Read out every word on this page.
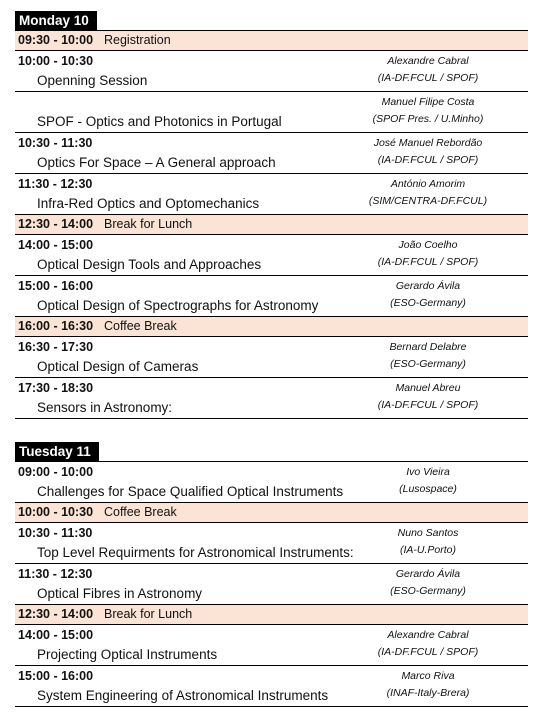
Monday 10
09:30 - 10:00 Registration
10:00 - 10:30
Openning Session
Alexandre Cabral
(IA-DF.FCUL / SPOF)
SPOF - Optics and Photonics in Portugal
Manuel Filipe Costa
(SPOF Pres. / U.Minho)
10:30 - 11:30
Optics For Space – A General approach
José Manuel Rebordão
(IA-DF.FCUL / SPOF)
11:30 - 12:30
Infra-Red Optics and Optomechanics
António Amorim
(SIM/CENTRA-DF.FCUL)
12:30 - 14:00 Break for Lunch
14:00 - 15:00
Optical Design Tools and Approaches
João Coelho
(IA-DF.FCUL / SPOF)
15:00 - 16:00
Optical Design of Spectrographs for Astronomy
Gerardo Ávila
(ESO-Germany)
16:00 - 16:30 Coffee Break
16:30 - 17:30
Optical Design of Cameras
Bernard Delabre
(ESO-Germany)
17:30 - 18:30
Sensors in Astronomy:
Manuel Abreu
(IA-DF.FCUL / SPOF)
Tuesday 11
09:00 - 10:00
Challenges for Space Qualified Optical Instruments
Ivo Vieira
(Lusospace)
10:00 - 10:30 Coffee Break
10:30 - 11:30
Top Level Requirments for Astronomical Instruments:
Nuno Santos
(IA-U.Porto)
11:30 - 12:30
Optical Fibres in Astronomy
Gerardo Ávila
(ESO-Germany)
12:30 - 14:00 Break for Lunch
14:00 - 15:00
Projecting Optical Instruments
Alexandre Cabral
(IA-DF.FCUL / SPOF)
15:00 - 16:00
System Engineering of Astronomical Instruments
Marco Riva
(INAF-Italy-Brera)
